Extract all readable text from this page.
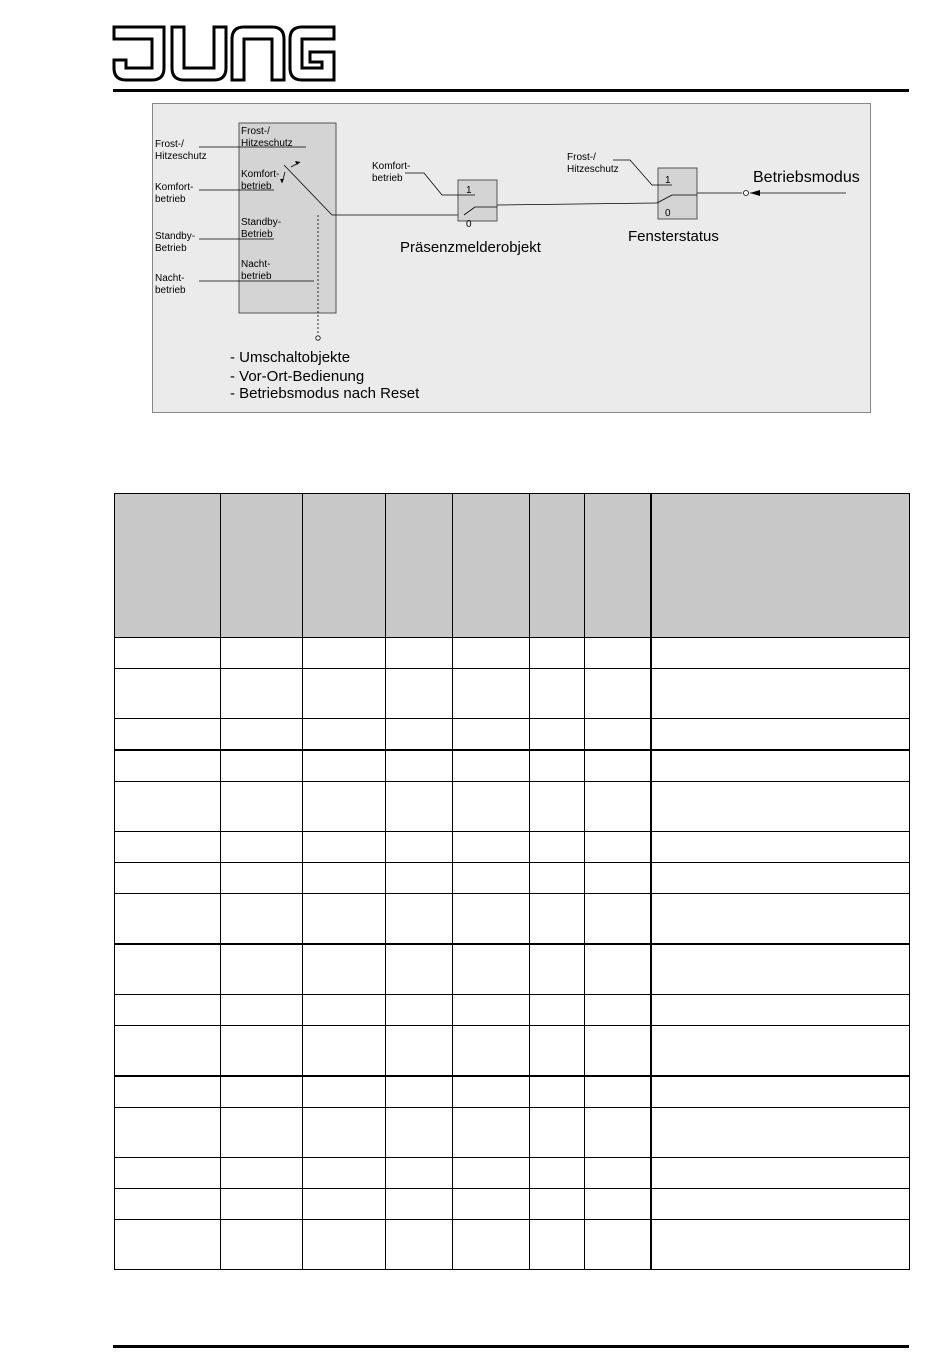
Frost-/ Hitzeschutz
Komfort- betrieb
Standby- Betrieb
Nacht- betrieb
Frost-/ Hitzeschutz
Komfort- betrieb
Standby- Betrieb
Nacht- betrieb
Komfort- betrieb
1
0
Präsenzmelderobjekt
Frost-/ Hitzeschutz
1
0
Fensterstatus
Betriebsmodus
- Umschaltobjekte
- Vor-Ort-Bedienung
- Betriebsmodus nach Reset
